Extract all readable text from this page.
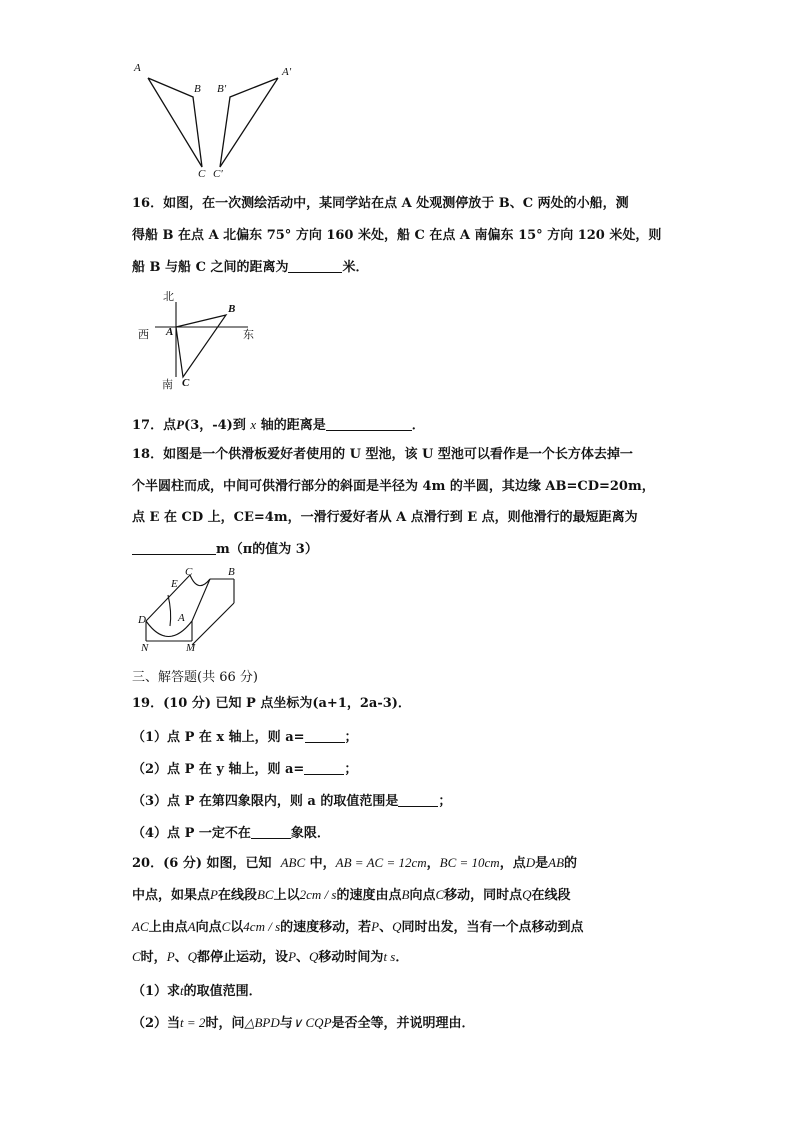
A
B
C
B′
A′
C′
16．如图，在一次测绘活动中，某同学站在点 A 处观测停放于 B、C 两处的小船，测
得船 B 在点 A 北偏东 75° 方向 160 米处，船 C 在点 A 南偏东 15° 方向 120 米处，则
船 B 与船 C 之间的距离为	米．
北
西	东
南
A
B
C
17．点P(3，-4)到 x 轴的距离是	．
18．如图是一个供滑板爱好者使用的 U 型池，该 U 型池可以看作是一个长方体去掉一
个半圆柱而成，中间可供滑行部分的斜面是半径为 4m 的半圆，其边缘 AB=CD=20m，
点 E 在 CD 上，CE=4m，一滑行爱好者从 A 点滑行到 E 点，则他滑行的最短距离为
m（π的值为 3）
C	B
E
D	A
N	M
三、解答题(共 66 分)
19．(10 分) 已知 P 点坐标为(a+1，2a-3)．
（1）点 P 在 x 轴上，则 a=	；
（2）点 P 在 y 轴上，则 a=	；
（3）点 P 在第四象限内，则 a 的取值范围是	；
（4）点 P 一定不在	象限．
20．(6 分) 如图，已知 ABC 中，AB = AC = 12cm，BC = 10cm，点D是AB的
中点，如果点P在线段BC上以2cm / s的速度由点B向点C移动，同时点Q在线段
AC上由点A向点C以4cm / s的速度移动，若P、Q同时出发，当有一个点移动到点
C时，P、Q都停止运动，设P、Q移动时间为t s．
（1）求t的取值范围．
（2）当t = 2时，问△BPD与∨ CQP是否全等，并说明理由．
